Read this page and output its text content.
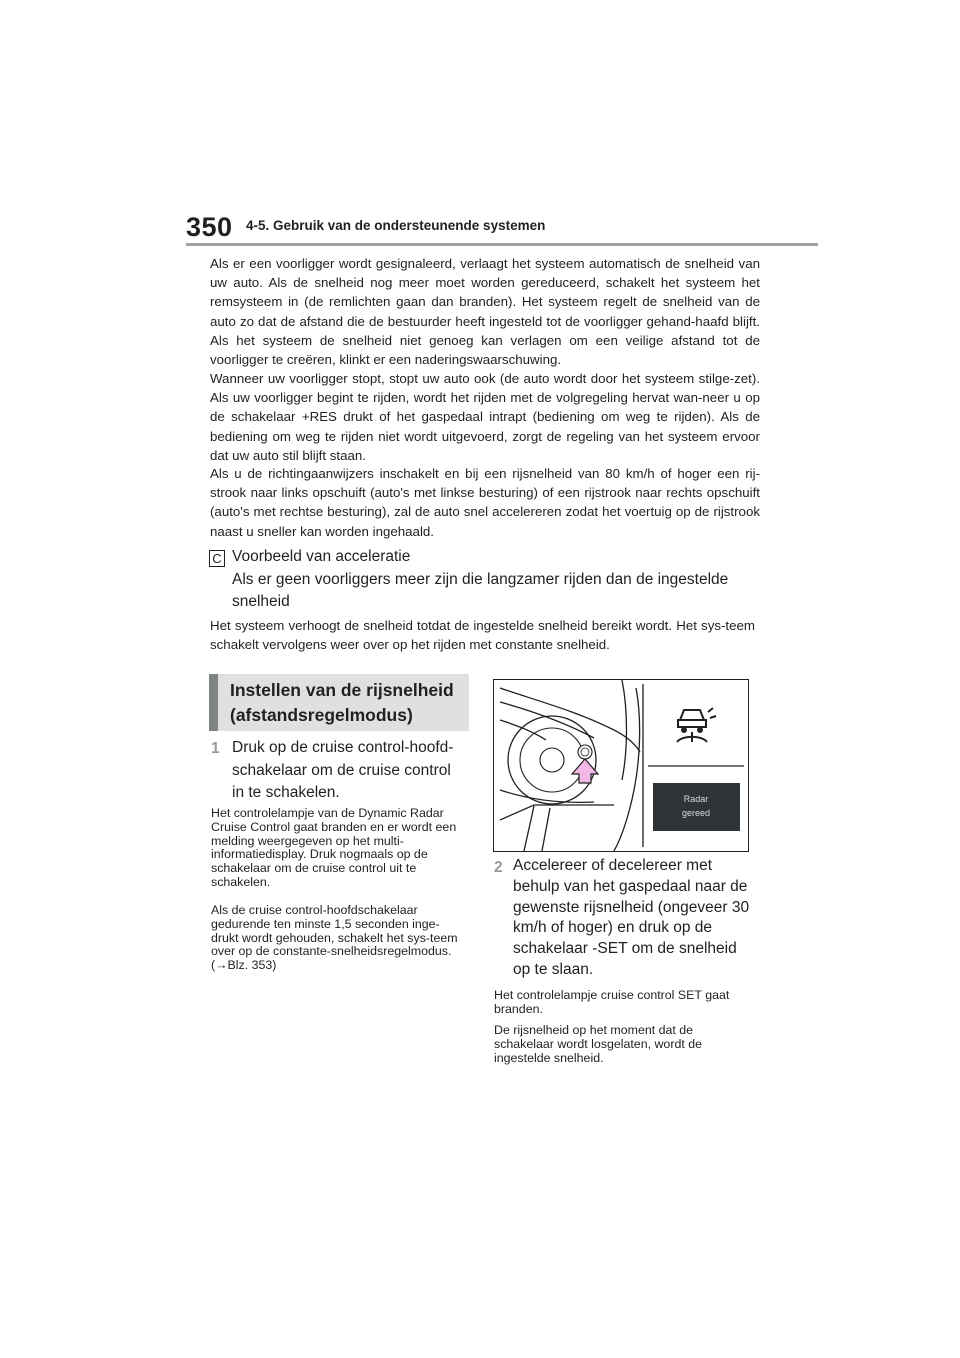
350 4-5. Gebruik van de ondersteunende systemen

Als er een voorligger wordt gesignaleerd, verlaagt het systeem automatisch de snelheid van uw auto. Als de snelheid nog meer moet worden gereduceerd, schakelt het systeem het remsysteem in (de remlichten gaan dan branden). Het systeem regelt de snelheid van de auto zo dat de afstand die de bestuurder heeft ingesteld tot de voorligger gehand-haafd blijft. Als het systeem de snelheid niet genoeg kan verlagen om een veilige afstand tot de voorligger te creëren, klinkt er een naderingswaarschuwing.

Wanneer uw voorligger stopt, stopt uw auto ook (de auto wordt door het systeem stilge-zet). Als uw voorligger begint te rijden, wordt het rijden met de volgregeling hervat wan-neer u op de schakelaar +RES drukt of het gaspedaal intrapt (bediening om weg te rijden). Als de bediening om weg te rijden niet wordt uitgevoerd, zorgt de regeling van het systeem ervoor dat uw auto stil blijft staan.

Als u de richtingaanwijzers inschakelt en bij een rijsnelheid van 80 km/h of hoger een rij-strook naar links opschuift (auto's met linkse besturing) of een rijstrook naar rechts opschuift (auto's met rechtse besturing), zal de auto snel accelereren zodat het voertuig op de rijstrook naast u sneller kan worden ingehaald.

C Voorbeeld van acceleratie
Als er geen voorliggers meer zijn die langzamer rijden dan de ingestelde snelheid

Het systeem verhoogt de snelheid totdat de ingestelde snelheid bereikt wordt. Het sys-teem schakelt vervolgens weer over op het rijden met constante snelheid.

Instellen van de rijsnelheid (afstandsregelmodus)
1 Druk op de cruise control-hoofd-schakelaar om de cruise control in te schakelen.

Het controlelampje van de Dynamic Radar Cruise Control gaat branden en er wordt een melding weergegeven op het multi-informatiedisplay. Druk nogmaals op de schakelaar om de cruise control uit te schakelen.

Als de cruise control-hoofdschakelaar gedurende ten minste 1,5 seconden inge-drukt wordt gehouden, schakelt het sys-teem over op de constante-snelheidsregelmodus. (→Blz. 353)

Radar
gereed
2 Accelereer of decelereer met behulp van het gaspedaal naar de gewenste rijsnelheid (ongeveer 30 km/h of hoger) en druk op de schakelaar -SET om de snelheid op te slaan.

Het controlelampje cruise control SET gaat branden.

De rijsnelheid op het moment dat de schakelaar wordt losgelaten, wordt de ingestelde snelheid.
